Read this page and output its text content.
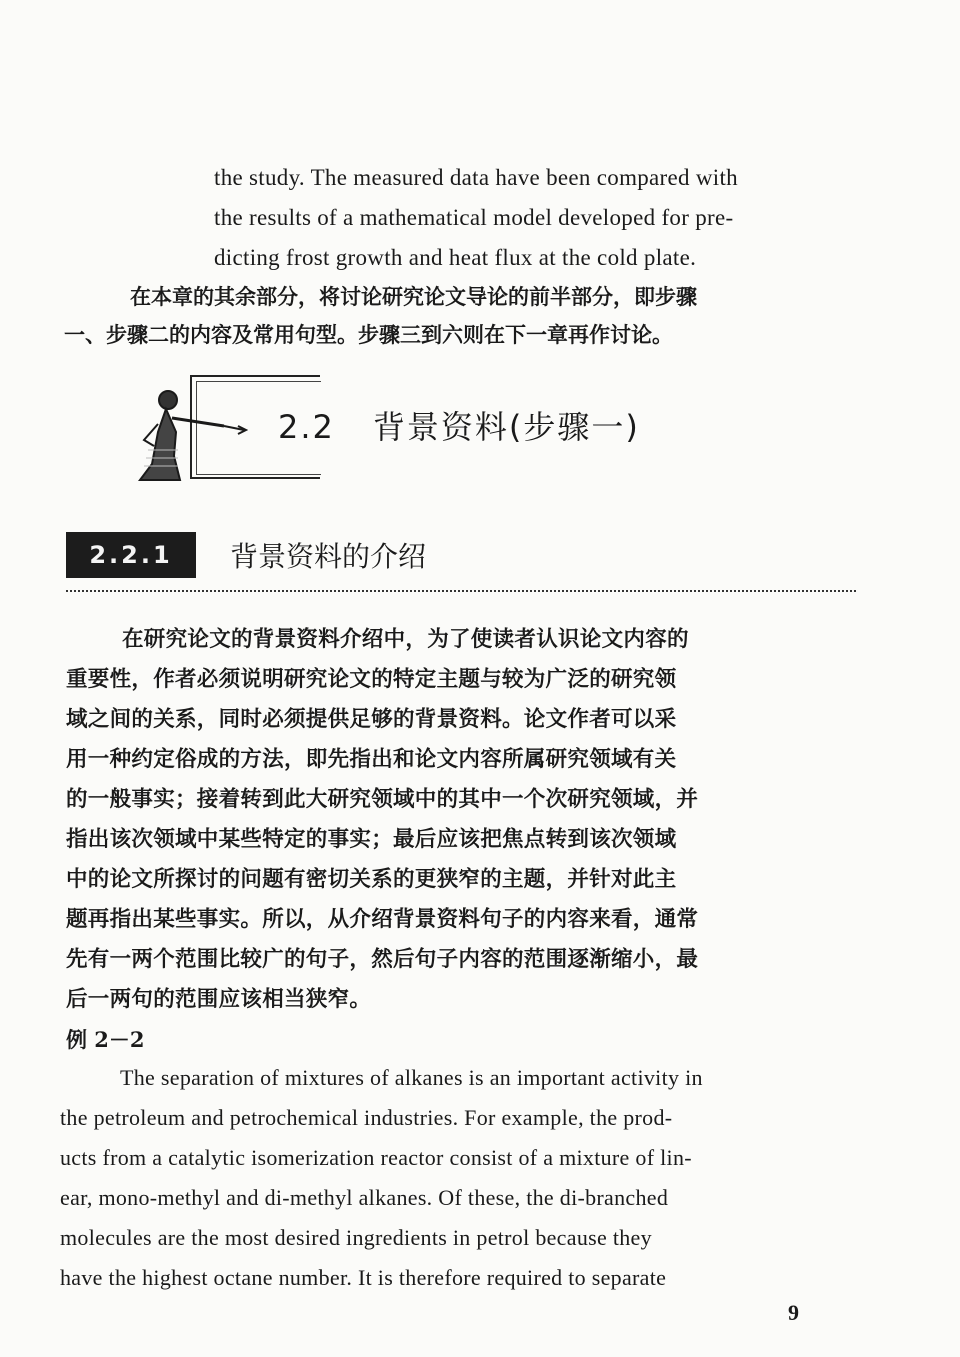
the study. The measured data have been compared with

the results of a mathematical model developed for pre-

dicting frost growth and heat flux at the cold plate.

在本章的其余部分，将讨论研究论文导论的前半部分，即步骤

一、步骤二的内容及常用句型。步骤三到六则在下一章再作讨论。

2.2 背景资料(步骤一)
2.2.1	背景资料的介绍

在研究论文的背景资料介绍中，为了使读者认识论文内容的

重要性，作者必须说明研究论文的特定主题与较为广泛的研究领

域之间的关系，同时必须提供足够的背景资料。论文作者可以采

用一种约定俗成的方法，即先指出和论文内容所属研究领域有关

的一般事实；接着转到此大研究领域中的其中一个次研究领域，并

指出该次领域中某些特定的事实；最后应该把焦点转到该次领域

中的论文所探讨的问题有密切关系的更狭窄的主题，并针对此主

题再指出某些事实。所以，从介绍背景资料句子的内容来看，通常

先有一两个范围比较广的句子，然后句子内容的范围逐渐缩小，最

后一两句的范围应该相当狭窄。

例 2－2

The separation of mixtures of alkanes is an important activity in

the petroleum and petrochemical industries. For example, the prod-

ucts from a catalytic isomerization reactor consist of a mixture of lin-

ear, mono-methyl and di-methyl alkanes. Of these, the di-branched

molecules are the most desired ingredients in petrol because they

have the highest octane number. It is therefore required to separate

9
